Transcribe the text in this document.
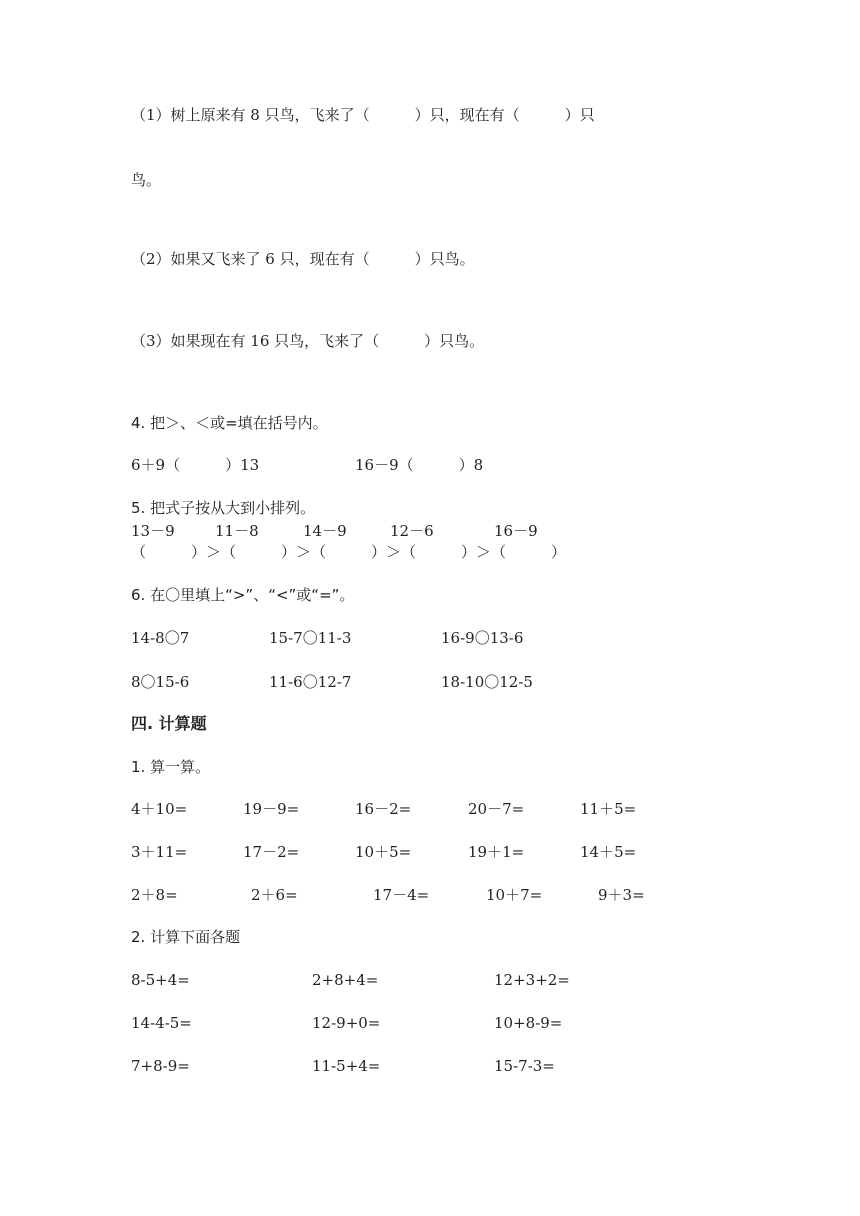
（1）树上原来有 8 只鸟，飞来了（　　　）只，现在有（　　　）只
鸟。
（2）如果又飞来了 6 只，现在有（　　　）只鸟。
（3）如果现在有 16 只鸟，飞来了（　　　）只鸟。
4. 把＞、＜或=填在括号内。
6＋9（　　　）13	16－9（　　　）8
5. 把式子按从大到小排列。
13－9	11－8	14－9	12－6	16－9
（　　　）＞（　　　）＞（　　　）＞（　　　）＞（　　　）
6. 在〇里填上“>”、“<”或“=”。
14-8〇7	15-7〇11-3	16-9〇13-6
8〇15-6	11-6〇12-7	18-10〇12-5
四. 计算题
1. 算一算。
4＋10=	19－9=	16－2=	20－7=	11＋5=
3＋11=	17－2=	10＋5=	19＋1=	14＋5=
2＋8=	2＋6=	17－4=	10＋7=	9＋3=
2. 计算下面各题
8-5+4=	2+8+4=	12+3+2=
14-4-5=	12-9+0=	10+8-9=
7+8-9=	11-5+4=	15-7-3=
